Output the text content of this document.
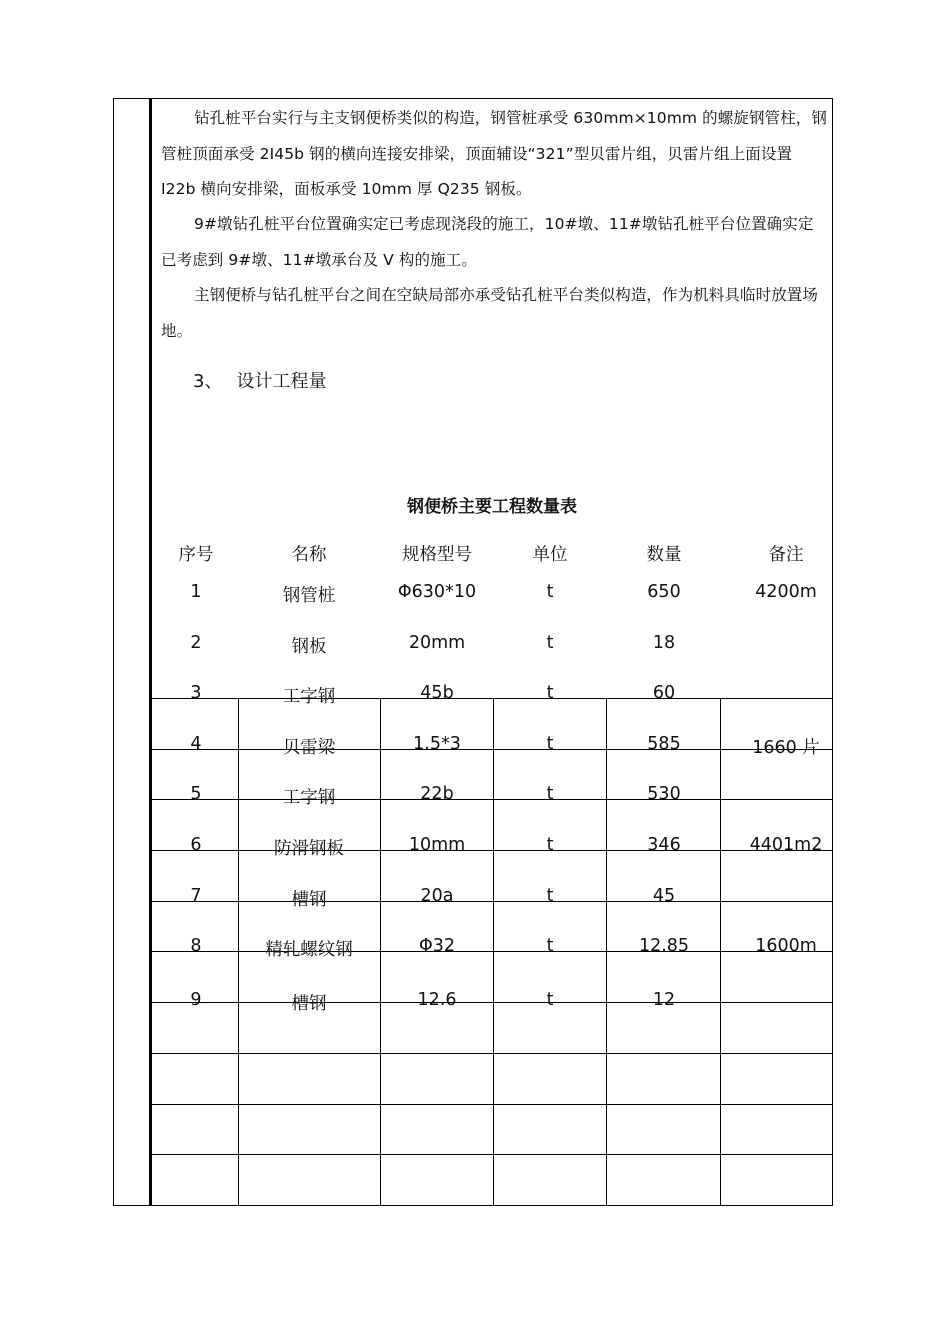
钻孔桩平台实行与主支钢便桥类似的构造，钢管桩承受 630mm×10mm 的螺旋钢管柱，钢管桩顶面承受 2I45b 钢的横向连接安排梁，顶面辅设“321”型贝雷片组，贝雷片组上面设置 I22b 横向安排梁，面板承受 10mm 厚 Q235 钢板。

9#墩钻孔桩平台位置确实定已考虑现浇段的施工，10#墩、11#墩钻孔桩平台位置确实定已考虑到 9#墩、11#墩承台及 V 构的施工。

主钢便桥与钻孔桩平台之间在空缺局部亦承受钻孔桩平台类似构造，作为机料具临时放置场地。

3、 设计工程量
钢便桥主要工程数量表
序号	名称	规格型号	单位	数量	备注
1	钢管桩	Φ630*10	t	650	4200m
2	钢板	20mm	t	18
3	工字钢	45b	t	60
4	贝雷梁	1.5*3	t	585	1660 片
5	工字钢	22b	t	530
6	防滑钢板	10mm	t	346	4401m2
7	槽钢	20a	t	45
8	精轧螺纹钢	Φ32	t	12.85	1600m
9	槽钢	12.6	t	12
